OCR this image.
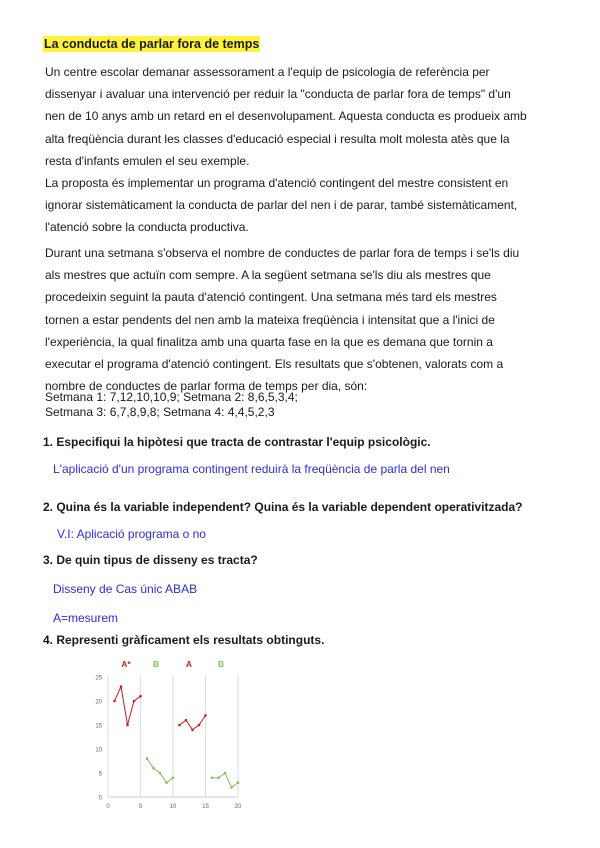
La conducta de parlar fora de temps

Un centre escolar demanar assessorament a l'equip de psicologia de referència per
dissenyar i avaluar una intervenció per reduir la "conducta de parlar fora de temps" d'un
nen de 10 anys amb un retard en el desenvolupament. Aquesta conducta es produeix amb
alta freqüència durant les classes d'educació especial i resulta molt molesta atès que la
resta d'infants emulen el seu exemple.

La proposta és implementar un programa d'atenció contingent del mestre consistent en
ignorar sistemàticament la conducta de parlar del nen i de parar, també sistemàticament,
l'atenció sobre la conducta productiva.

Durant una setmana s'observa el nombre de conductes de parlar fora de temps i se'ls diu
als mestres que actuïn com sempre. A la següent setmana se'ls diu als mestres que
procedeixin seguint la pauta d'atenció contingent. Una setmana més tard els mestres
tornen a estar pendents del nen amb la mateixa freqüència i intensitat que a l'inici de
l'experiència, la qual finalitza amb una quarta fase en la que es demana que tornin a
executar el programa d'atenció contingent. Els resultats que s'obtenen, valorats com a
nombre de conductes de parlar forma de temps per dia, són:

Setmana 1: 7,12,10,10,9; Setmana 2: 8,6,5,3,4;
Setmana 3: 6,7,8,9,8; Setmana 4: 4,4,5,2,3

1. Especifiqui la hipòtesi que tracta de contrastar l'equip psicològic.

L'aplicació d'un programa contingent reduirà la freqüència de parla del nen

2. Quina és la variable independent? Quina és la variable dependent operativitzada?

V.I: Aplicació programa o no

3. De quin tipus de disseny es tracta?

Disseny de Cas únic ABAB

A=mesurem

4. Representi gràficament els resultats obtinguts.

0
5
10
15
20
25
0	5	10	15	20
A*	B	A	B
